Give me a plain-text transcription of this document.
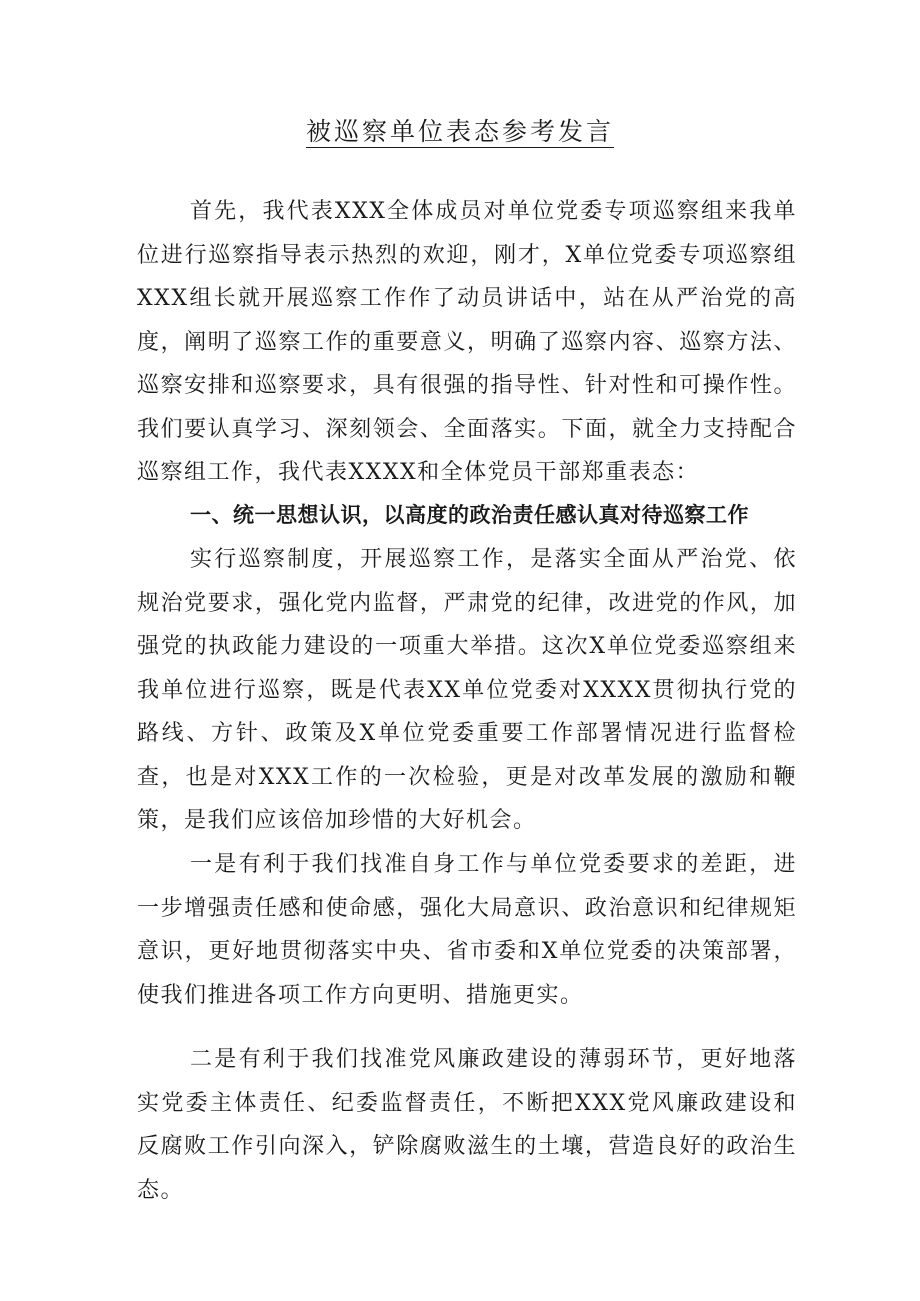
被巡察单位表态参考发言

首先，我代表XXX全体成员对单位党委专项巡察组来我单位进行巡察指导表示热烈的欢迎，刚才，X单位党委专项巡察组XXX组长就开展巡察工作作了动员讲话中，站在从严治党的高度，阐明了巡察工作的重要意义，明确了巡察内容、巡察方法、巡察安排和巡察要求，具有很强的指导性、针对性和可操作性。我们要认真学习、深刻领会、全面落实。下面，就全力支持配合巡察组工作，我代表XXXX和全体党员干部郑重表态：

一、统一思想认识，以高度的政治责任感认真对待巡察工作

实行巡察制度，开展巡察工作，是落实全面从严治党、依规治党要求，强化党内监督，严肃党的纪律，改进党的作风，加强党的执政能力建设的一项重大举措。这次X单位党委巡察组来我单位进行巡察，既是代表XX单位党委对XXXX贯彻执行党的路线、方针、政策及X单位党委重要工作部署情况进行监督检查，也是对XXX工作的一次检验，更是对改革发展的激励和鞭策，是我们应该倍加珍惜的大好机会。

一是有利于我们找准自身工作与单位党委要求的差距，进一步增强责任感和使命感，强化大局意识、政治意识和纪律规矩意识，更好地贯彻落实中央、省市委和X单位党委的决策部署，使我们推进各项工作方向更明、措施更实。

二是有利于我们找准党风廉政建设的薄弱环节，更好地落实党委主体责任、纪委监督责任，不断把XXX党风廉政建设和反腐败工作引向深入，铲除腐败滋生的土壤，营造良好的政治生态。
